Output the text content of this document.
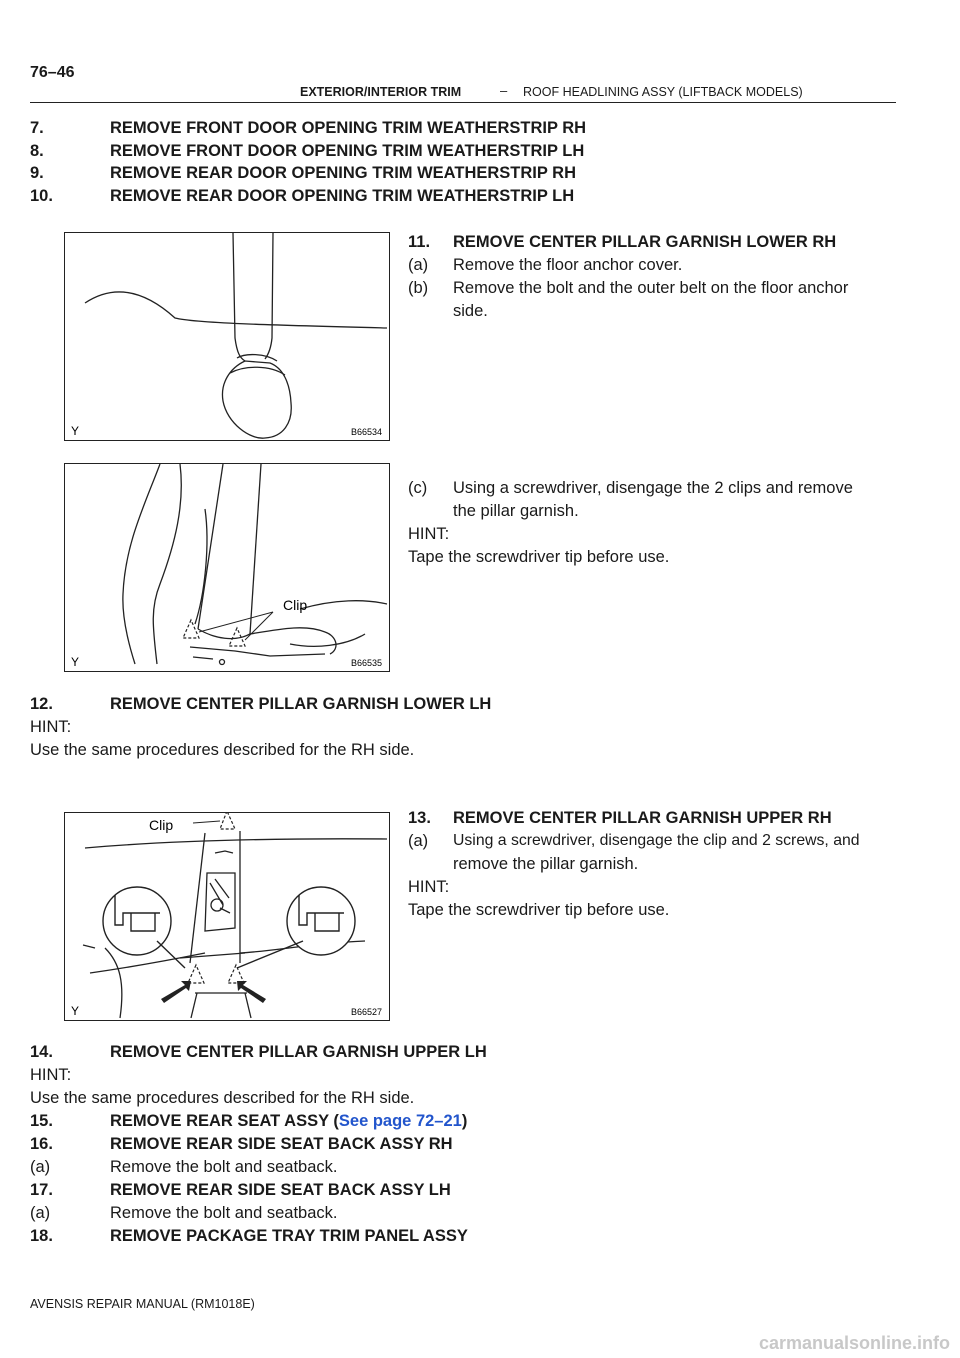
76–46
EXTERIOR/INTERIOR TRIM	– ROOF HEADLINING ASSY (LIFTBACK MODELS)
7.	REMOVE FRONT DOOR OPENING TRIM WEATHERSTRIP RH
8.	REMOVE FRONT DOOR OPENING TRIM WEATHERSTRIP LH
9.	REMOVE REAR DOOR OPENING TRIM WEATHERSTRIP RH
10.	REMOVE REAR DOOR OPENING TRIM WEATHERSTRIP LH
Y	B66534
11. REMOVE CENTER PILLAR GARNISH LOWER RH
(a) Remove the floor anchor cover.
(b) Remove the bolt and the outer belt on the floor anchor
side.
Clip
Y	B66535
(c) Using a screwdriver, disengage the 2 clips and remove
the pillar garnish.
HINT:
Tape the screwdriver tip before use.
12.	REMOVE CENTER PILLAR GARNISH LOWER LH
HINT:
Use the same procedures described for the RH side.
Clip
Y	B66527
13. REMOVE CENTER PILLAR GARNISH UPPER RH
(a) Using a screwdriver, disengage the clip and 2 screws, and
remove the pillar garnish.
HINT:
Tape the screwdriver tip before use.
14.	REMOVE CENTER PILLAR GARNISH UPPER LH
HINT:
Use the same procedures described for the RH side.
15.	REMOVE REAR SEAT ASSY (See page 72–21)
16.	REMOVE REAR SIDE SEAT BACK ASSY RH
(a)	Remove the bolt and seatback.
17.	REMOVE REAR SIDE SEAT BACK ASSY LH
(a)	Remove the bolt and seatback.
18.	REMOVE PACKAGE TRAY TRIM PANEL ASSY
AVENSIS REPAIR MANUAL (RM1018E)
carmanualsonline.info
